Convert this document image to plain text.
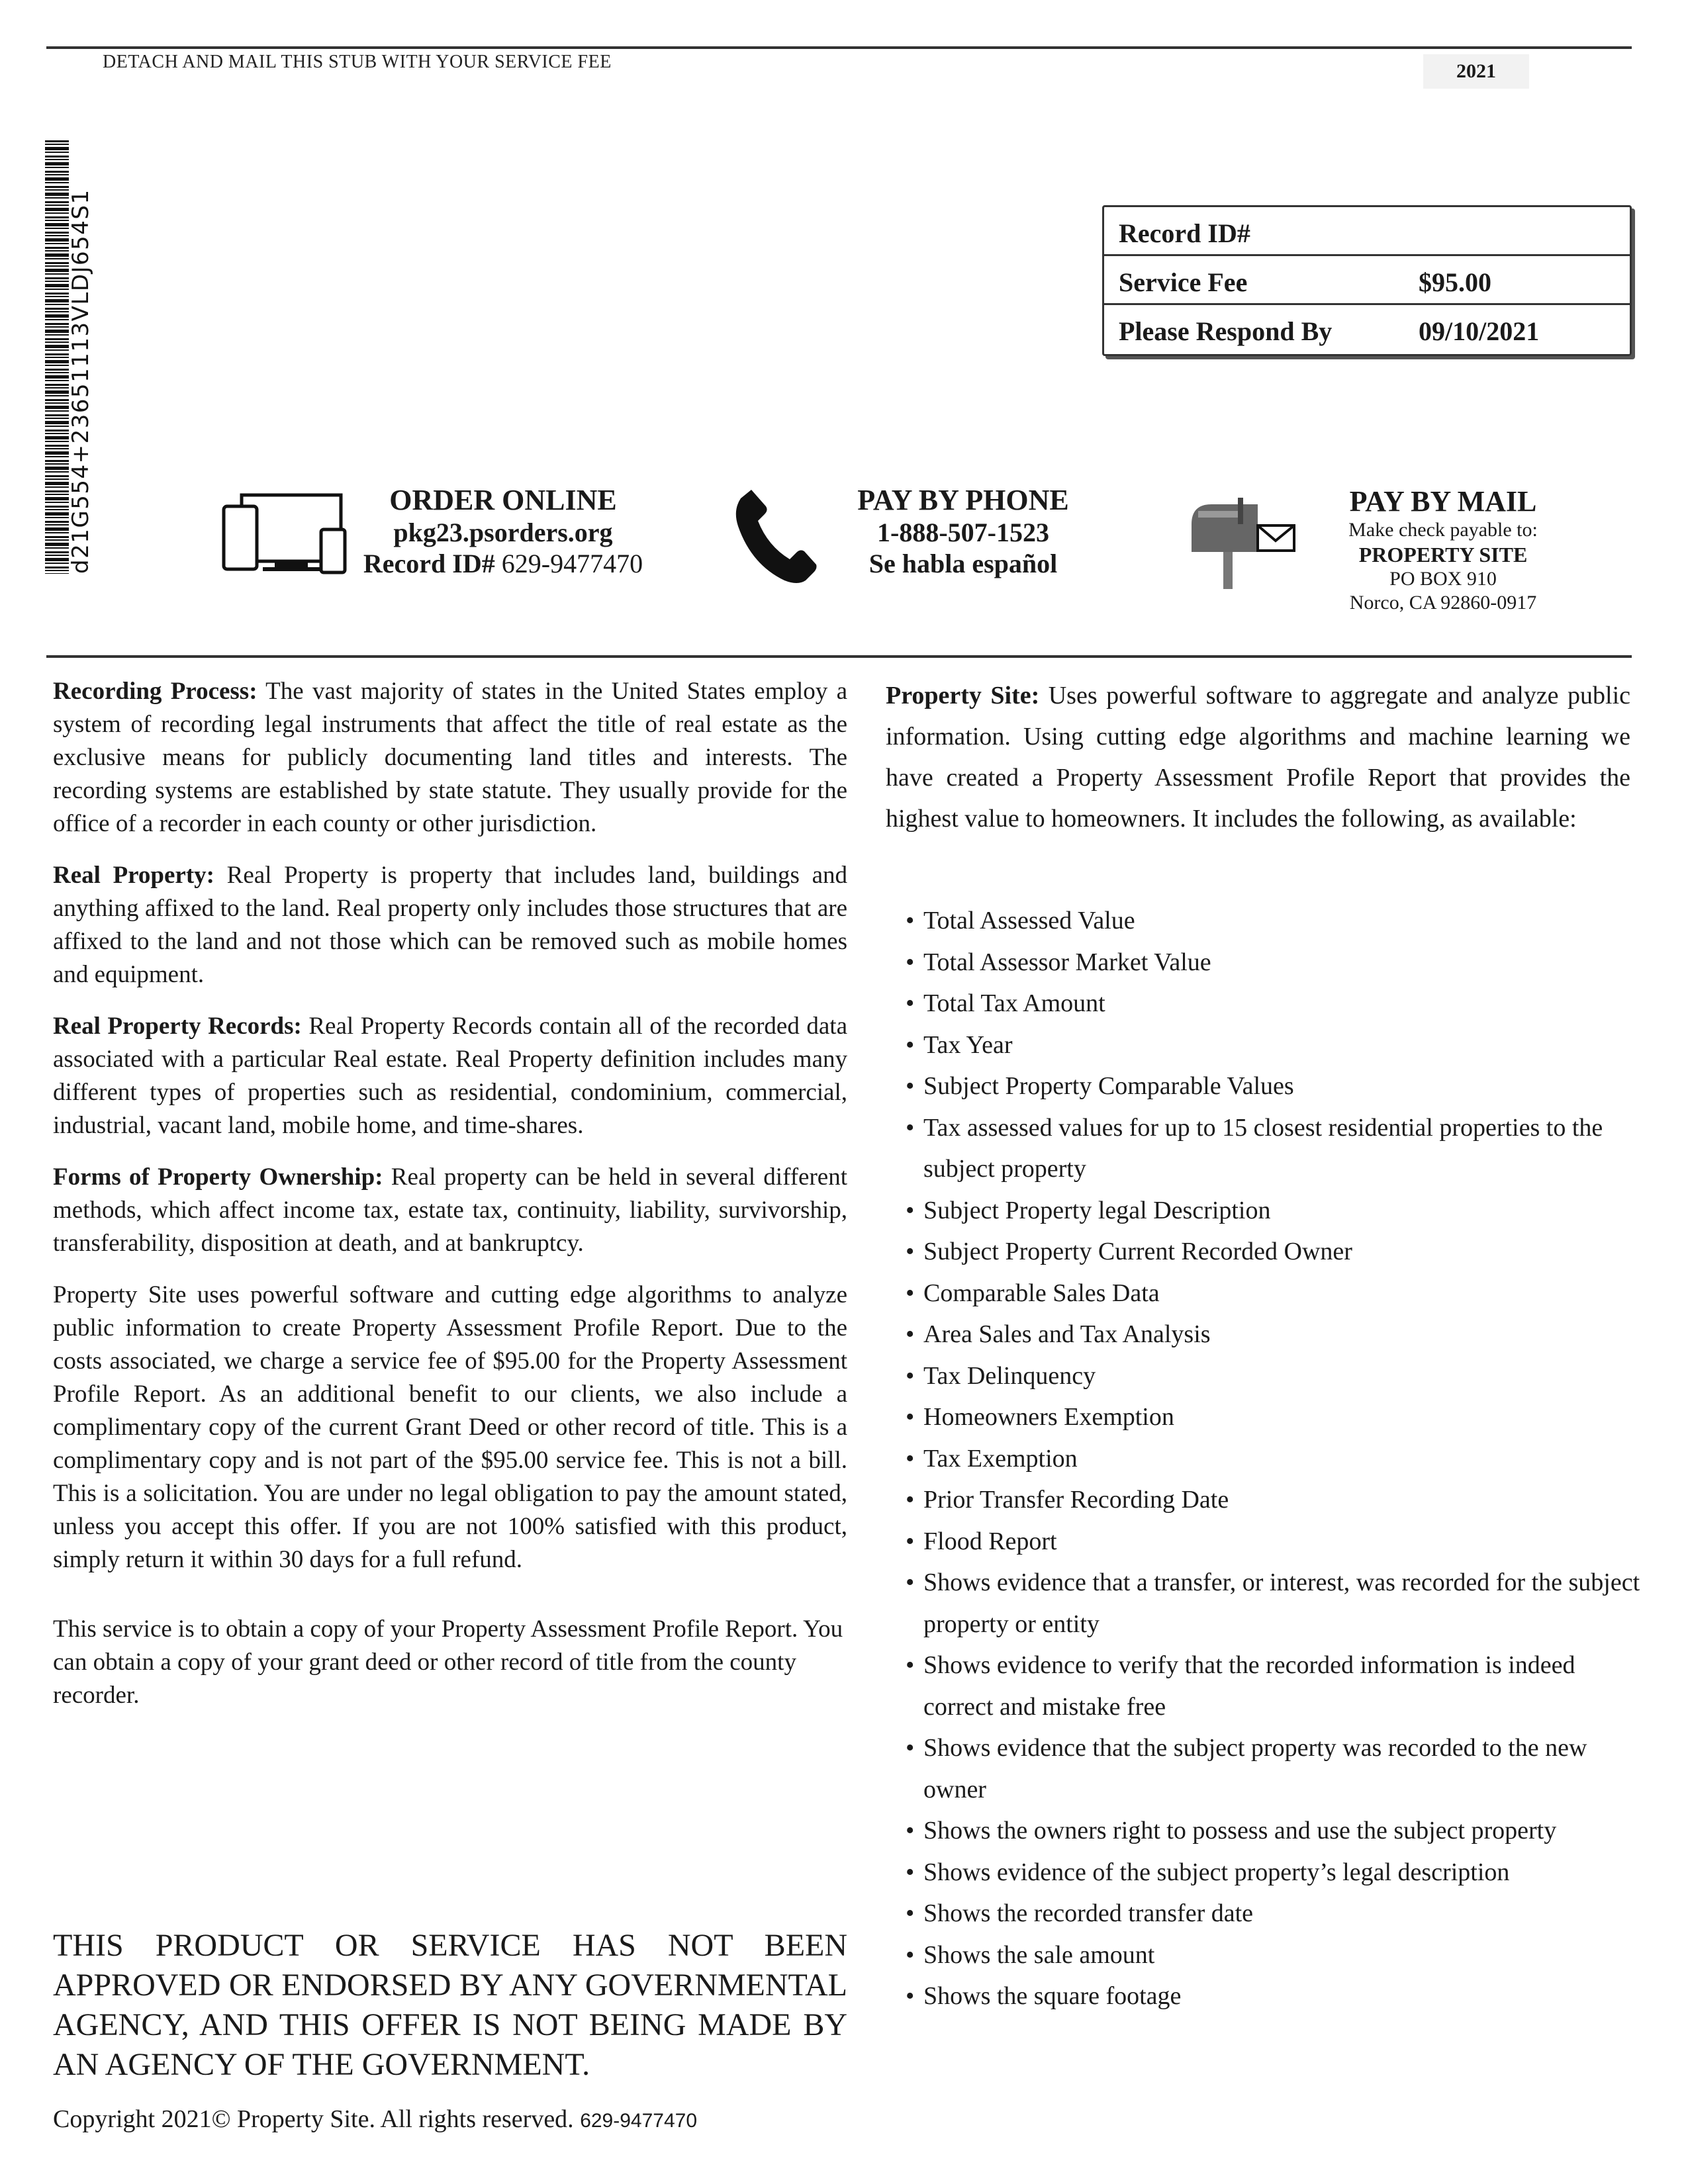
DETACH AND MAIL THIS STUB WITH YOUR SERVICE FEE	2021
d21G554+23651113VLDJ654S1	Record ID#
Service Fee	$95.00
Please Respond By	09/10/2021
ORDER ONLINE
pkg23.psorders.org
Record ID# 629-9477470
PAY BY PHONE
1-888-507-1523
Se habla español
PAY BY MAIL
Make check payable to:
PROPERTY SITE
PO BOX 910
Norco, CA 92860-0917

Recording Process: The vast majority of states in the United States employ a system of recording legal instruments that affect the title of real estate as the exclusive means for publicly documenting land titles and interests. The recording systems are established by state statute. They usually provide for the office of a recorder in each county or other jurisdiction.

Real Property: Real Property is property that includes land, buildings and anything affixed to the land. Real property only includes those structures that are affixed to the land and not those which can be removed such as mobile homes and equipment.

Real Property Records: Real Property Records contain all of the recorded data associated with a particular Real estate. Real Property definition includes many different types of properties such as residential, condominium, commercial, industrial, vacant land, mobile home, and time-shares.

Forms of Property Ownership: Real property can be held in several different methods, which affect income tax, estate tax, continuity, liability, survivorship, transferability, disposition at death, and at bankruptcy.

Property Site uses powerful software and cutting edge algorithms to analyze public information to create Property Assessment Profile Report. Due to the costs associated, we charge a service fee of $95.00 for the Property Assessment Profile Report. As an additional benefit to our clients, we also include a complimentary copy of the current Grant Deed or other record of title. This is a complimentary copy and is not part of the $95.00 service fee. This is not a bill. This is a solicitation. You are under no legal obligation to pay the amount stated, unless you accept this offer. If you are not 100% satisfied with this product, simply return it within 30 days for a full refund.

This service is to obtain a copy of your Property Assessment Profile Report. You can obtain a copy of your grant deed or other record of title from the county recorder.

Property Site: Uses powerful software to aggregate and analyze public information. Using cutting edge algorithms and machine learning we have created a Property Assessment Profile Report that provides the highest value to homeowners. It includes the following, as available:

• Total Assessed Value
• Total Assessor Market Value
• Total Tax Amount
• Tax Year
• Subject Property Comparable Values
• Tax assessed values for up to 15 closest residential properties to the subject property
• Subject Property legal Description
• Subject Property Current Recorded Owner
• Comparable Sales Data
• Area Sales and Tax Analysis
• Tax Delinquency
• Homeowners Exemption
• Tax Exemption
• Prior Transfer Recording Date
• Flood Report
• Shows evidence that a transfer, or interest, was recorded for the subject property or entity
• Shows evidence to verify that the recorded information is indeed correct and mistake free
• Shows evidence that the subject property was recorded to the new owner
• Shows the owners right to possess and use the subject property
• Shows evidence of the subject property’s legal description
• Shows the recorded transfer date
• Shows the sale amount
• Shows the square footage
THIS PRODUCT OR SERVICE HAS NOT BEEN APPROVED OR ENDORSED BY ANY GOVERNMENTAL AGENCY, AND THIS OFFER IS NOT BEING MADE BY AN AGENCY OF THE GOVERNMENT.
Copyright 2021© Property Site. All rights reserved. 629-9477470
